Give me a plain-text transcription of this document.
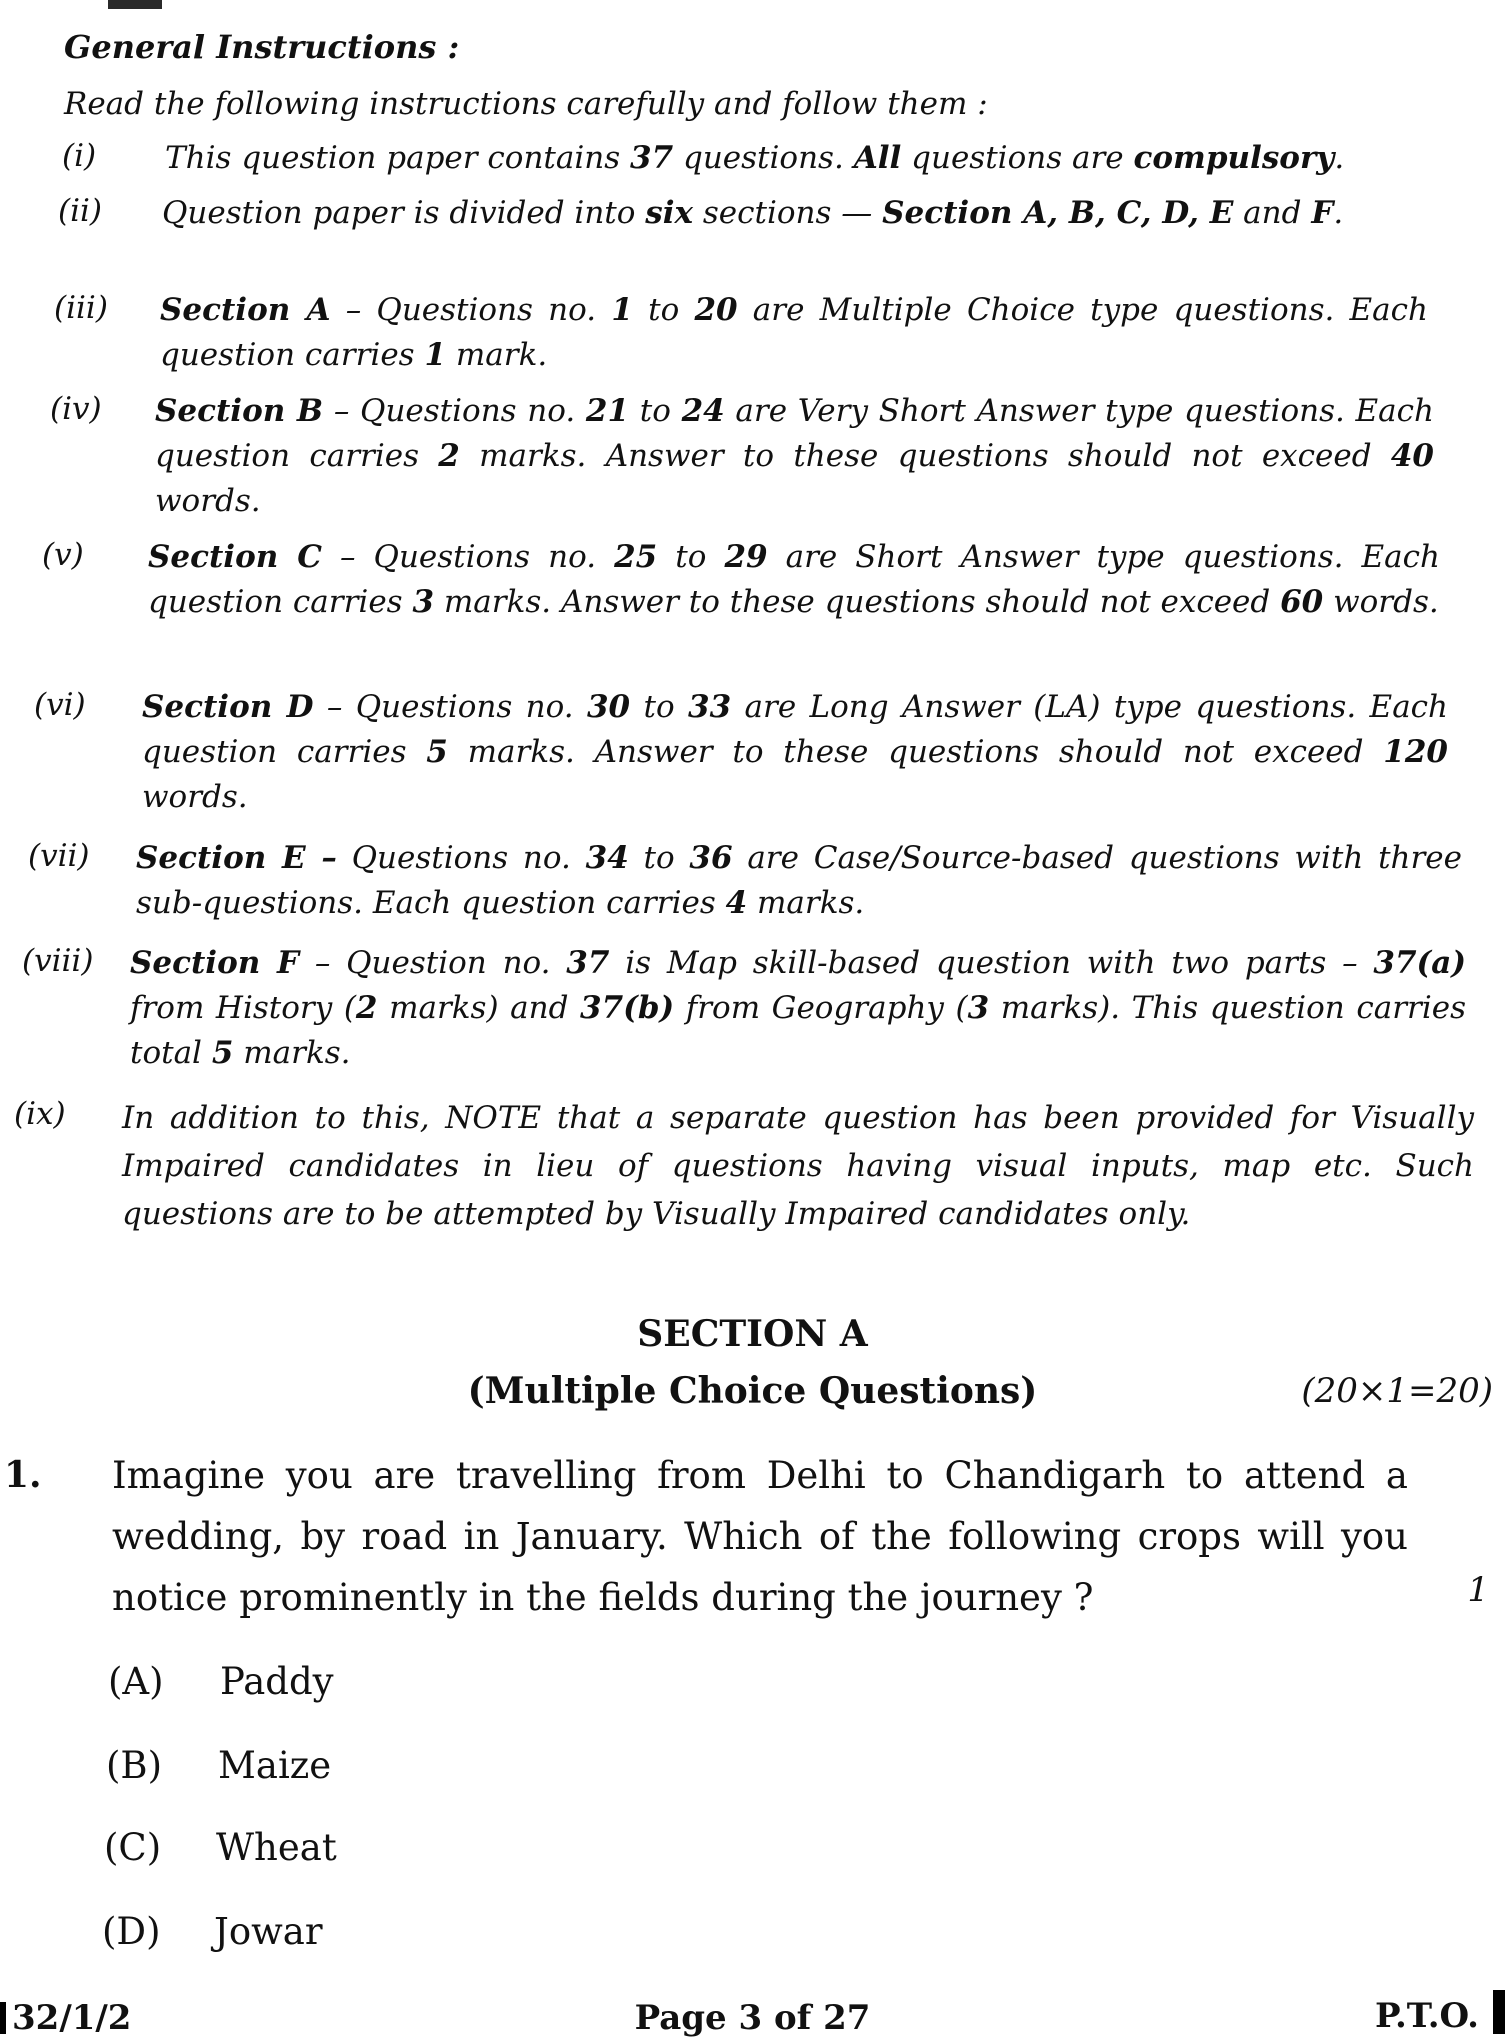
General Instructions :
Read the following instructions carefully and follow them :
(i) This question paper contains 37 questions. All questions are compulsory.
(ii) Question paper is divided into six sections — Section A, B, C, D, E and F.
(iii) Section A – Questions no. 1 to 20 are Multiple Choice type questions. Each question carries 1 mark.
(iv) Section B – Questions no. 21 to 24 are Very Short Answer type questions. Each question carries 2 marks. Answer to these questions should not exceed 40 words.
(v) Section C – Questions no. 25 to 29 are Short Answer type questions. Each question carries 3 marks. Answer to these questions should not exceed 60 words.
(vi) Section D – Questions no. 30 to 33 are Long Answer (LA) type questions. Each question carries 5 marks. Answer to these questions should not exceed 120 words.
(vii) Section E – Questions no. 34 to 36 are Case/Source-based questions with three sub-questions. Each question carries 4 marks.
(viii) Section F – Question no. 37 is Map skill-based question with two parts – 37(a) from History (2 marks) and 37(b) from Geography (3 marks). This question carries total 5 marks.
(ix) In addition to this, NOTE that a separate question has been provided for Visually Impaired candidates in lieu of questions having visual inputs, map etc. Such questions are to be attempted by Visually Impaired candidates only.
SECTION A
(Multiple Choice Questions)	(20×1=20)
1. Imagine you are travelling from Delhi to Chandigarh to attend a wedding, by road in January. Which of the following crops will you notice prominently in the fields during the journey ?	1
(A) Paddy
(B) Maize
(C) Wheat
(D) Jowar
32/1/2	Page 3 of 27	P.T.O.
